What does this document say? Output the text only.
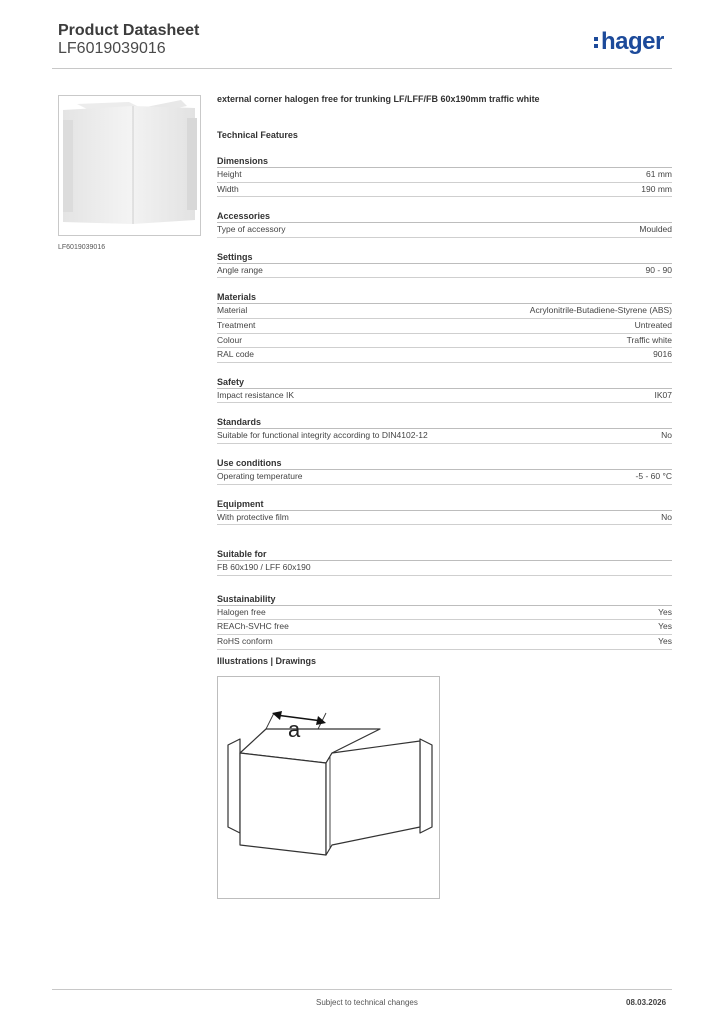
Product Datasheet
LF6019039016	hager
LF6019039016
external corner halogen free for trunking LF/LFF/FB 60x190mm traffic white
Technical Features
Dimensions
Height	61 mm
Width	190 mm
Accessories
Type of accessory	Moulded
Settings
Angle range	90 - 90
Materials
Material	Acrylonitrile-Butadiene-Styrene (ABS)
Treatment	Untreated
Colour	Traffic white
RAL code	9016
Safety
Impact resistance IK	IK07
Standards
Suitable for functional integrity according to DIN4102-12	No
Use conditions
Operating temperature	-5 - 60 °C
Equipment
With protective film	No
Suitable for
FB 60x190 / LFF 60x190
Sustainability
Halogen free	Yes
REACh-SVHC free	Yes
RoHS conform	Yes
Illustrations | Drawings
a
Subject to technical changes	08.03.2026
